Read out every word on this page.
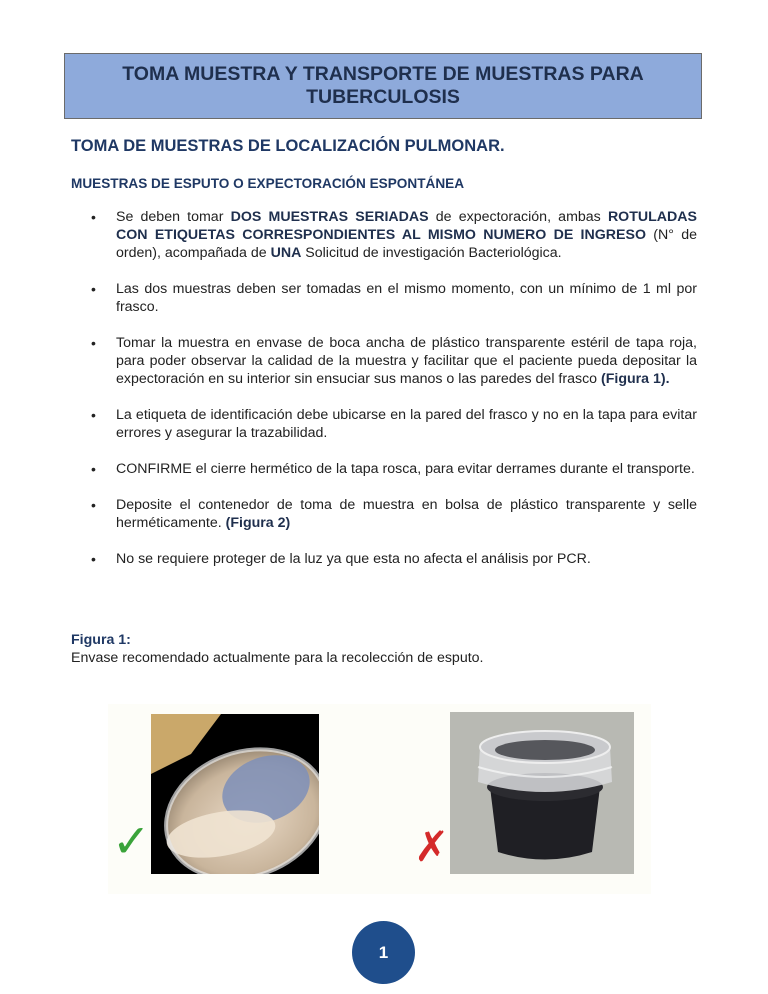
TOMA MUESTRA Y TRANSPORTE DE MUESTRAS PARA TUBERCULOSIS
TOMA DE MUESTRAS DE LOCALIZACIÓN PULMONAR.
MUESTRAS DE ESPUTO O EXPECTORACIÓN ESPONTÁNEA
• Se deben tomar DOS MUESTRAS SERIADAS de expectoración, ambas ROTULADAS CON ETIQUETAS CORRESPONDIENTES AL MISMO NUMERO DE INGRESO (N° de orden), acompañada de UNA Solicitud de investigación Bacteriológica.
• Las dos muestras deben ser tomadas en el mismo momento, con un mínimo de 1 ml por frasco.
• Tomar la muestra en envase de boca ancha de plástico transparente estéril de tapa roja, para poder observar la calidad de la muestra y facilitar que el paciente pueda depositar la expectoración en su interior sin ensuciar sus manos o las paredes del frasco (Figura 1).
• La etiqueta de identificación debe ubicarse en la pared del frasco y no en la tapa para evitar errores y asegurar la trazabilidad.
• CONFIRME el cierre hermético de la tapa rosca, para evitar derrames durante el transporte.
• Deposite el contenedor de toma de muestra en bolsa de plástico transparente y selle herméticamente. (Figura 2)
• No se requiere proteger de la luz ya que esta no afecta el análisis por PCR.
Figura 1:
Envase recomendado actualmente para la recolección de esputo.
✓	✗
1
